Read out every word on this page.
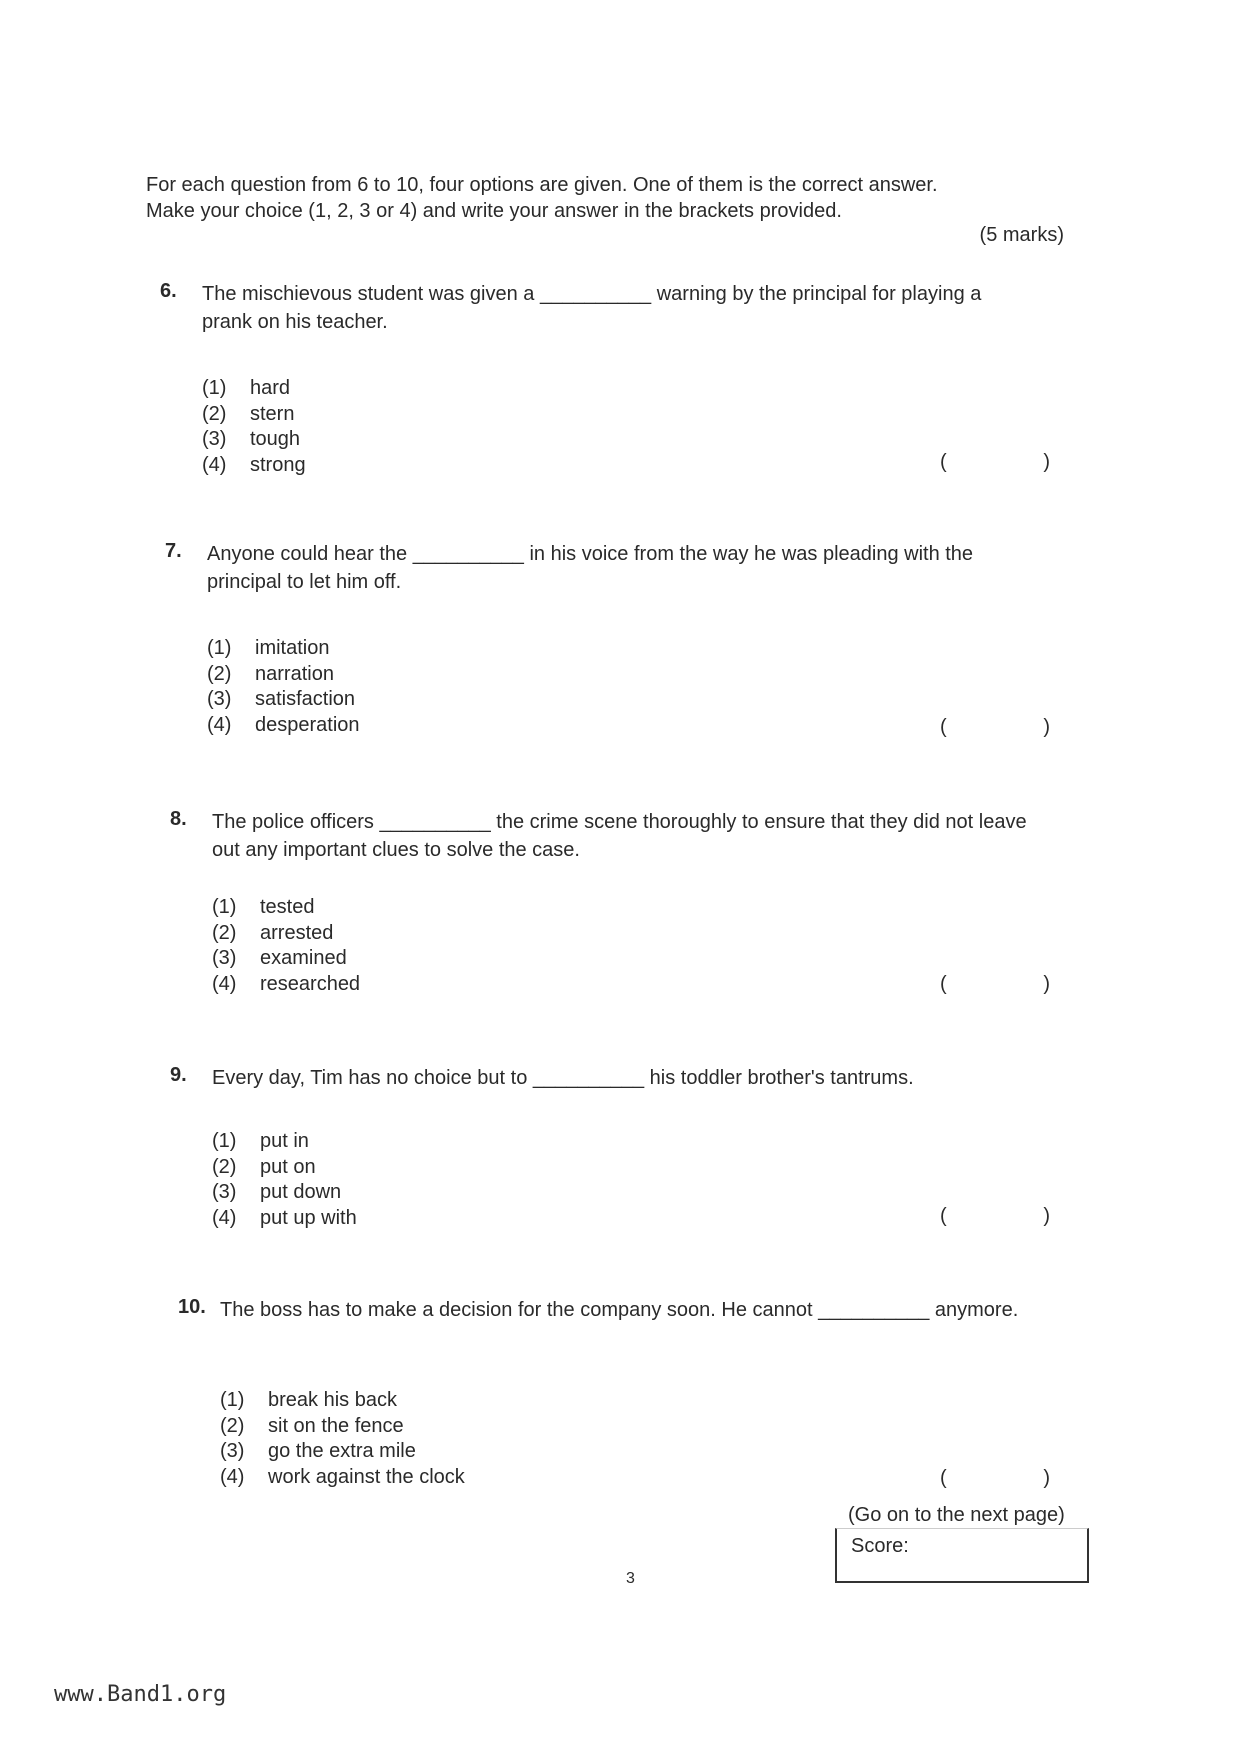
For each question from 6 to 10, four options are given. One of them is the correct answer.
Make your choice (1, 2, 3 or 4) and write your answer in the brackets provided.
(5 marks)
6. The mischievous student was given a __________ warning by the principal for playing a prank on his teacher.
(1) hard
(2) stern
(3) tough
(4) strong	(	)
7. Anyone could hear the __________ in his voice from the way he was pleading with the principal to let him off.
(1) imitation
(2) narration
(3) satisfaction
(4) desperation	(	)
8. The police officers __________ the crime scene thoroughly to ensure that they did not leave out any important clues to solve the case.
(1) tested
(2) arrested
(3) examined
(4) researched	(	)
9. Every day, Tim has no choice but to __________ his toddler brother's tantrums.
(1) put in
(2) put on
(3) put down
(4) put up with	(	)
10. The boss has to make a decision for the company soon. He cannot __________ anymore.
(1) break his back
(2) sit on the fence
(3) go the extra mile
(4) work against the clock	(	)
(Go on to the next page)
Score:
3
www.Band1.org
